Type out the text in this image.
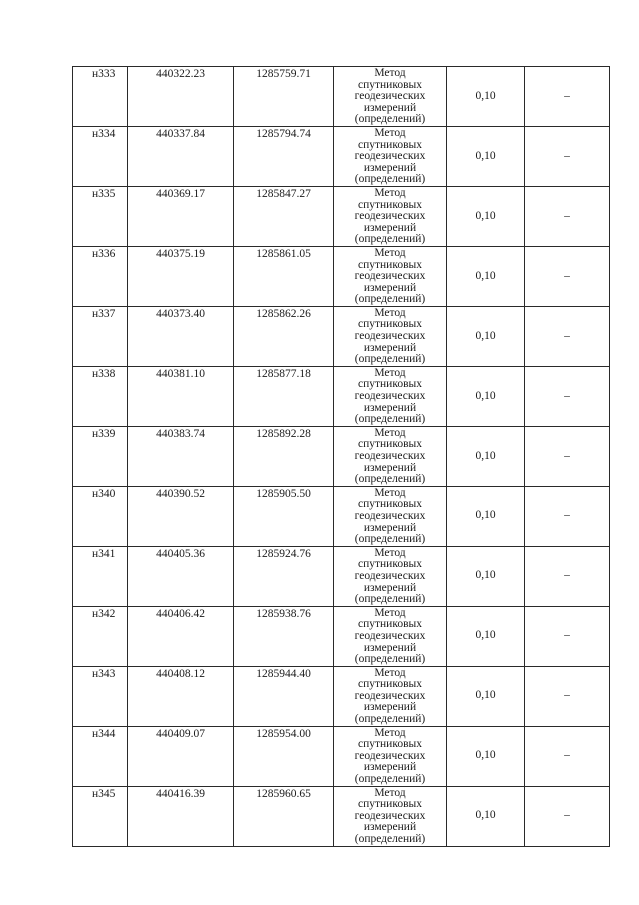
н333	440322.23	1285759.71	Метод
спутниковых
геодезических
измерений
(определений)	0,10	–

н334	440337.84	1285794.74	Метод
спутниковых
геодезических
измерений
(определений)	0,10	–

н335	440369.17	1285847.27	Метод
спутниковых
геодезических
измерений
(определений)	0,10	–

н336	440375.19	1285861.05	Метод
спутниковых
геодезических
измерений
(определений)	0,10	–

н337	440373.40	1285862.26	Метод
спутниковых
геодезических
измерений
(определений)	0,10	–

н338	440381.10	1285877.18	Метод
спутниковых
геодезических
измерений
(определений)	0,10	–

н339	440383.74	1285892.28	Метод
спутниковых
геодезических
измерений
(определений)	0,10	–

н340	440390.52	1285905.50	Метод
спутниковых
геодезических
измерений
(определений)	0,10	–

н341	440405.36	1285924.76	Метод
спутниковых
геодезических
измерений
(определений)	0,10	–

н342	440406.42	1285938.76	Метод
спутниковых
геодезических
измерений
(определений)	0,10	–

н343	440408.12	1285944.40	Метод
спутниковых
геодезических
измерений
(определений)	0,10	–

н344	440409.07	1285954.00	Метод
спутниковых
геодезических
измерений
(определений)	0,10	–

н345	440416.39	1285960.65	Метод
спутниковых
геодезических
измерений
(определений)	0,10	–
